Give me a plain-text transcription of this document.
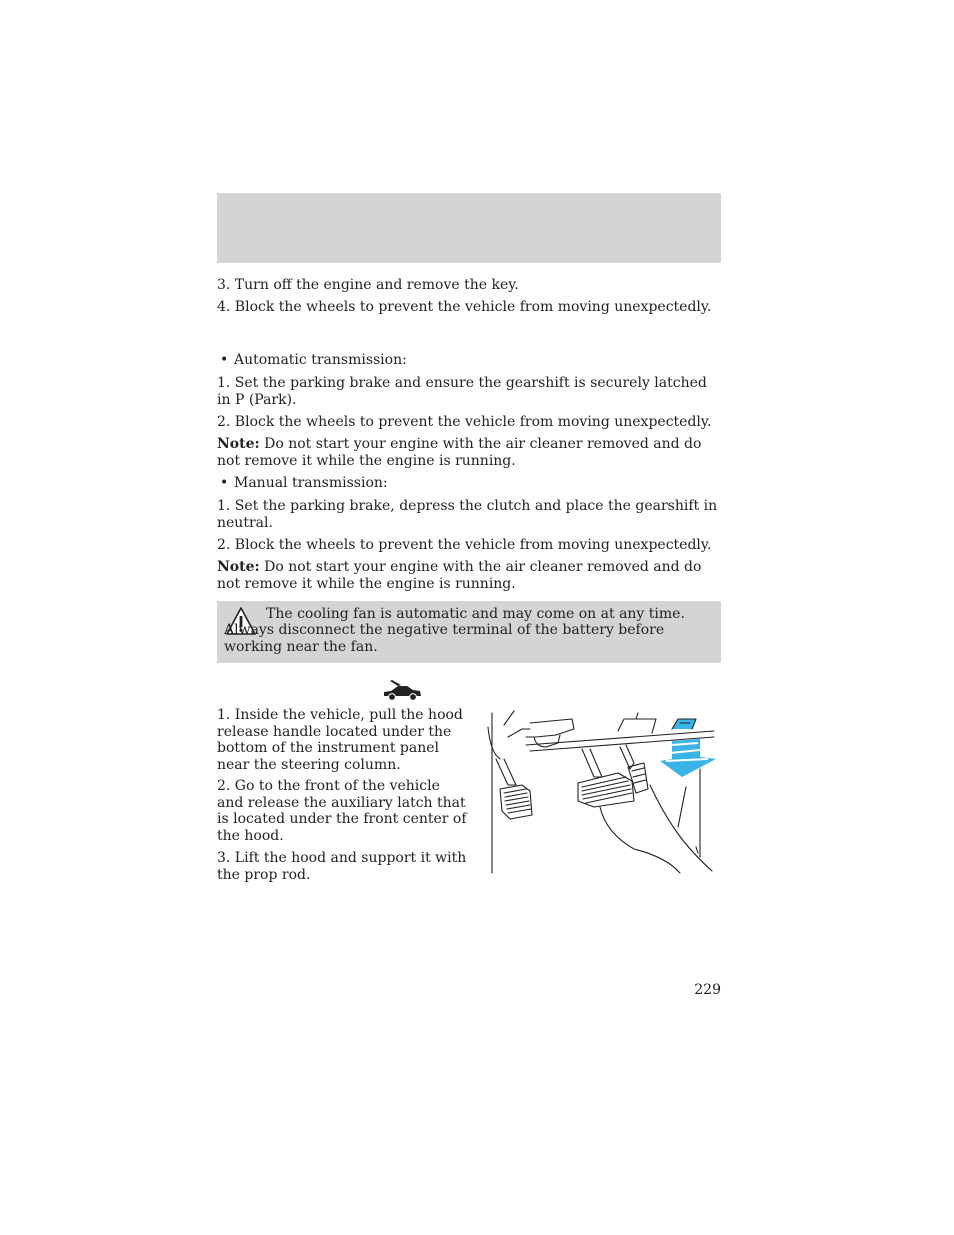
3. Turn off the engine and remove the key.

4. Block the wheels to prevent the vehicle from moving unexpectedly.

• Automatic transmission:

1. Set the parking brake and ensure the gearshift is securely latched in P (Park).

2. Block the wheels to prevent the vehicle from moving unexpectedly.

Note: Do not start your engine with the air cleaner removed and do not remove it while the engine is running.

• Manual transmission:

1. Set the parking brake, depress the clutch and place the gearshift in neutral.

2. Block the wheels to prevent the vehicle from moving unexpectedly.

Note: Do not start your engine with the air cleaner removed and do not remove it while the engine is running.

The cooling fan is automatic and may come on at any time. Always disconnect the negative terminal of the battery before working near the fan.

1. Inside the vehicle, pull the hood release handle located under the bottom of the instrument panel near the steering column.

2. Go to the front of the vehicle and release the auxiliary latch that is located under the front center of the hood.

3. Lift the hood and support it with the prop rod.

229
